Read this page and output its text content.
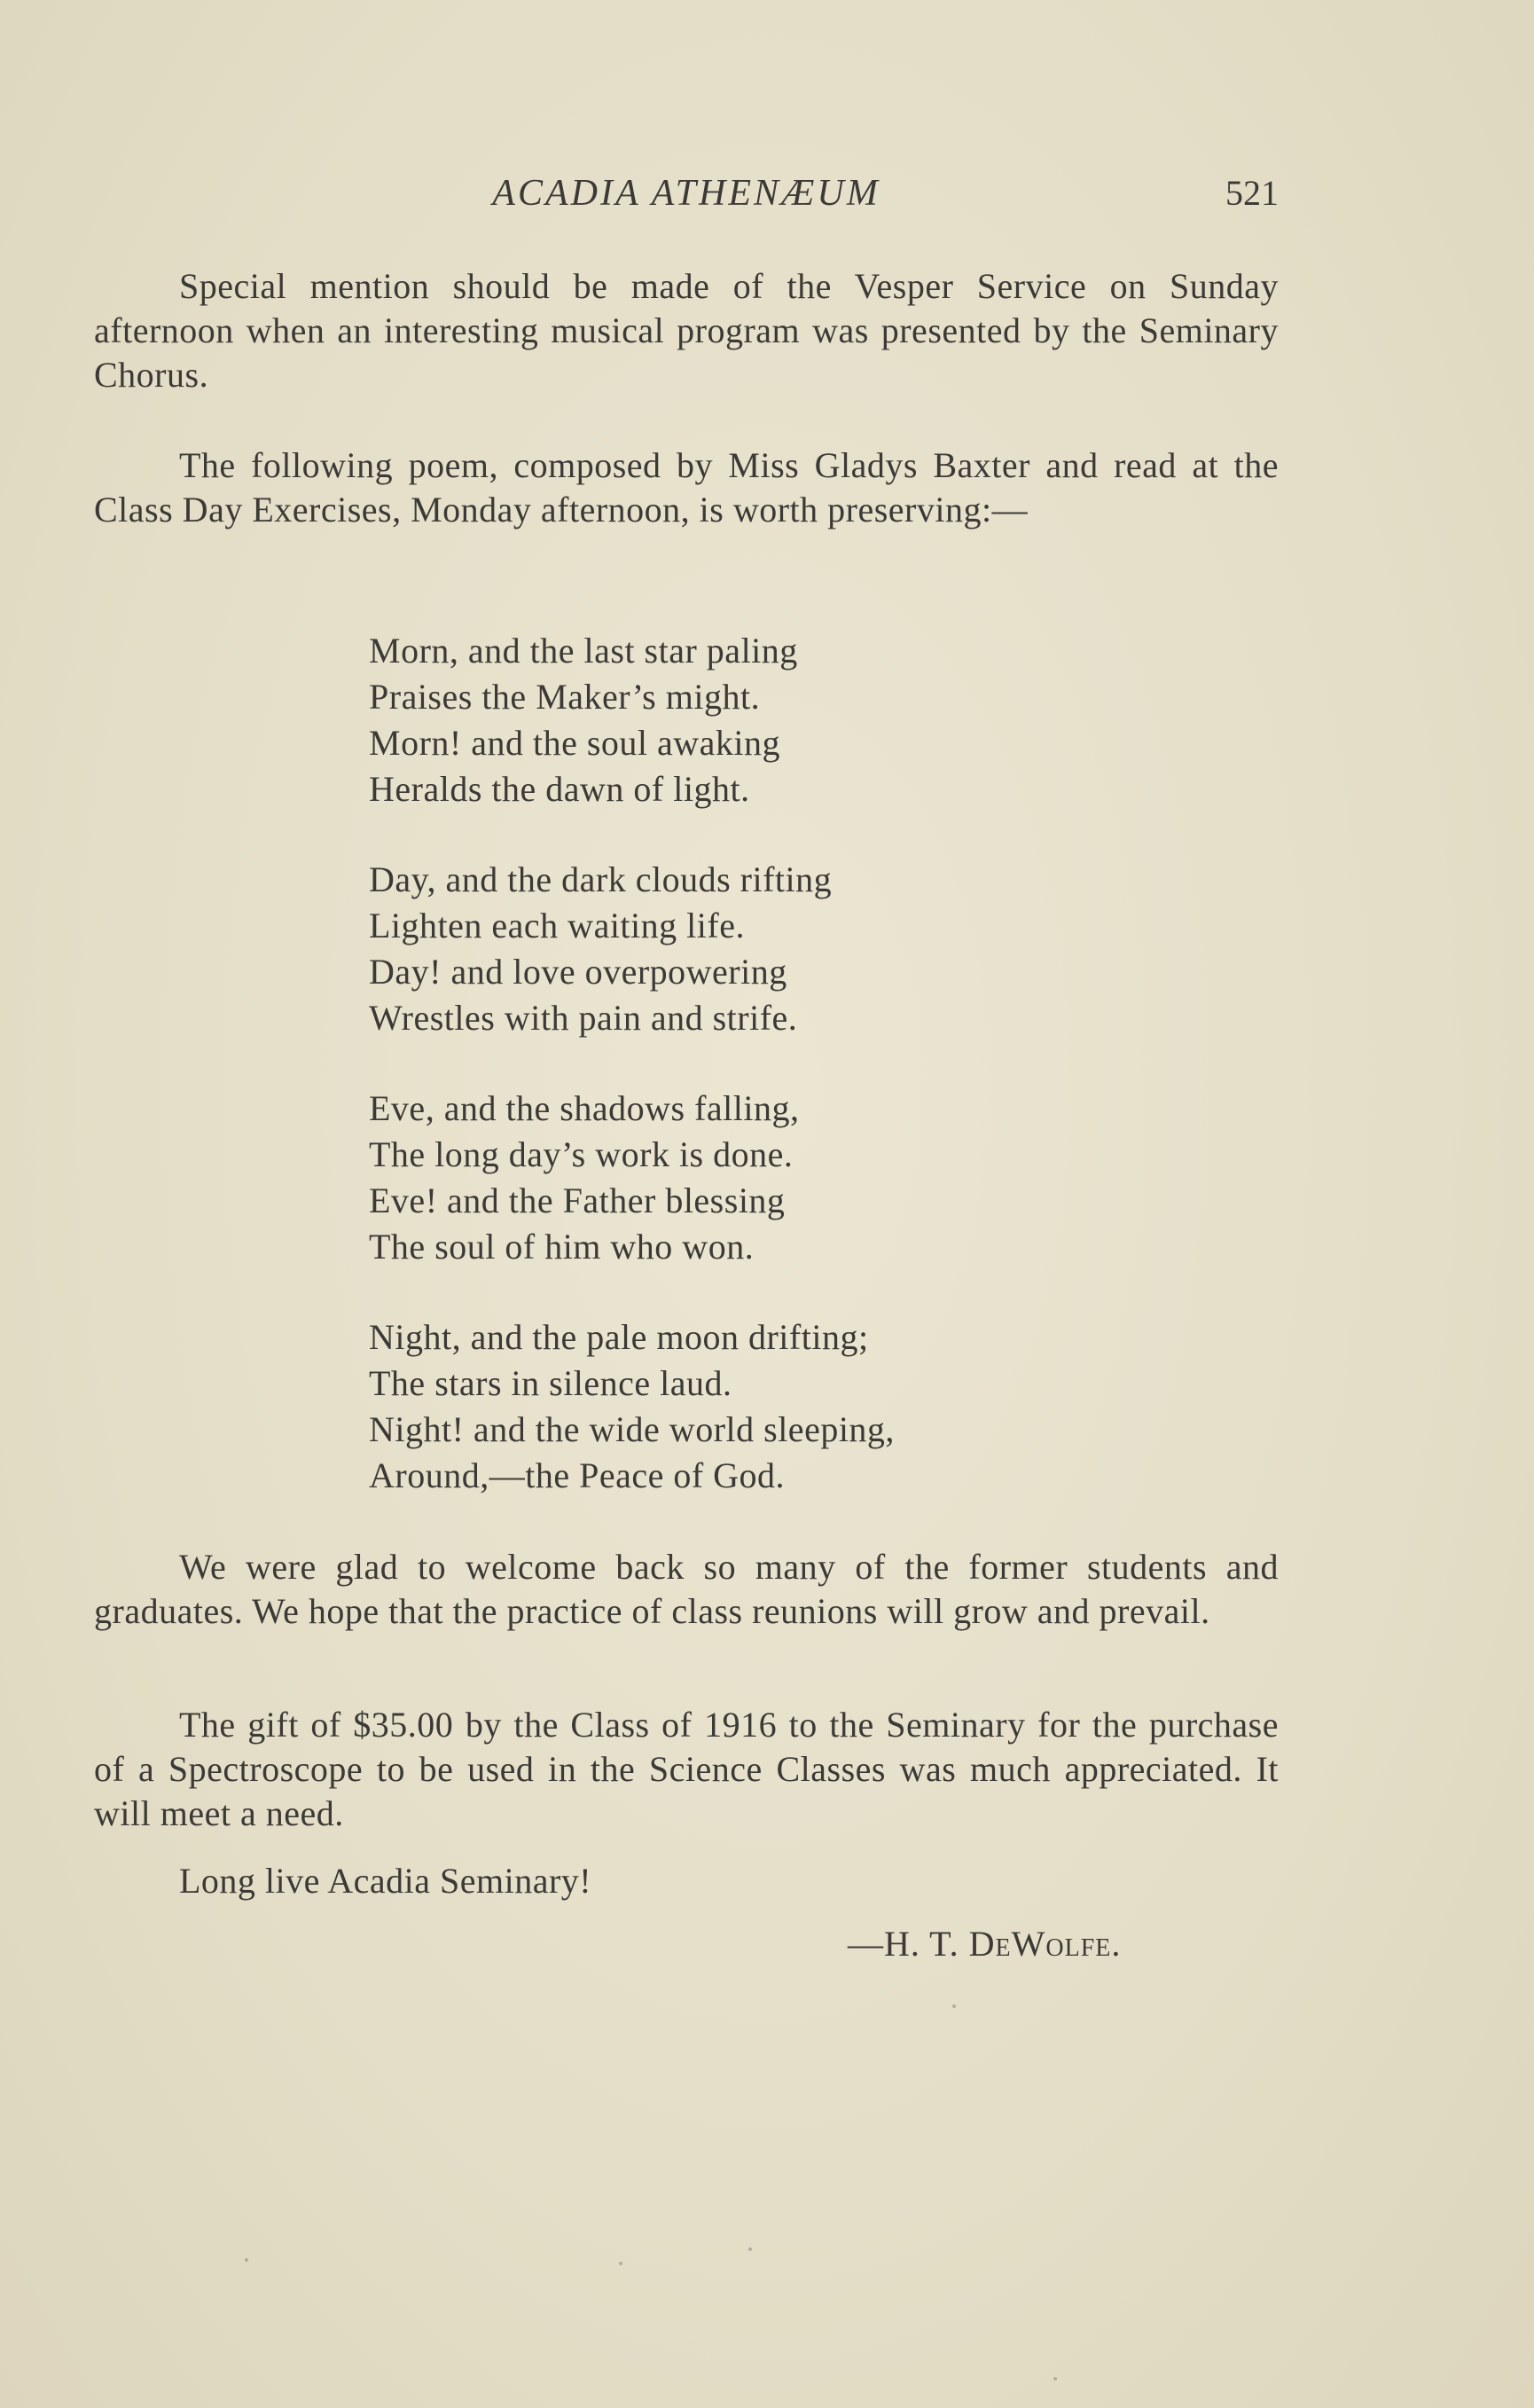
ACADIA ATHENÆUM	521

Special mention should be made of the Vesper Service on Sunday afternoon when an interesting musical program was presented by the Seminary Chorus.

The following poem, composed by Miss Gladys Baxter and read at the Class Day Exercises, Monday afternoon, is worth preserving:—

Morn, and the last star paling
Praises the Maker’s might.
Morn! and the soul awaking
Heralds the dawn of light.
Day, and the dark clouds rifting
Lighten each waiting life.
Day! and love overpowering
Wrestles with pain and strife.
Eve, and the shadows falling,
The long day’s work is done.
Eve! and the Father blessing
The soul of him who won.
Night, and the pale moon drifting;
The stars in silence laud.
Night! and the wide world sleeping,
Around,—the Peace of God.

We were glad to welcome back so many of the former students and graduates. We hope that the practice of class reunions will grow and prevail.

The gift of $35.00 by the Class of 1916 to the Seminary for the purchase of a Spectroscope to be used in the Science Classes was much appreciated. It will meet a need.

Long live Acadia Seminary!

—H. T. DeWolfe.
